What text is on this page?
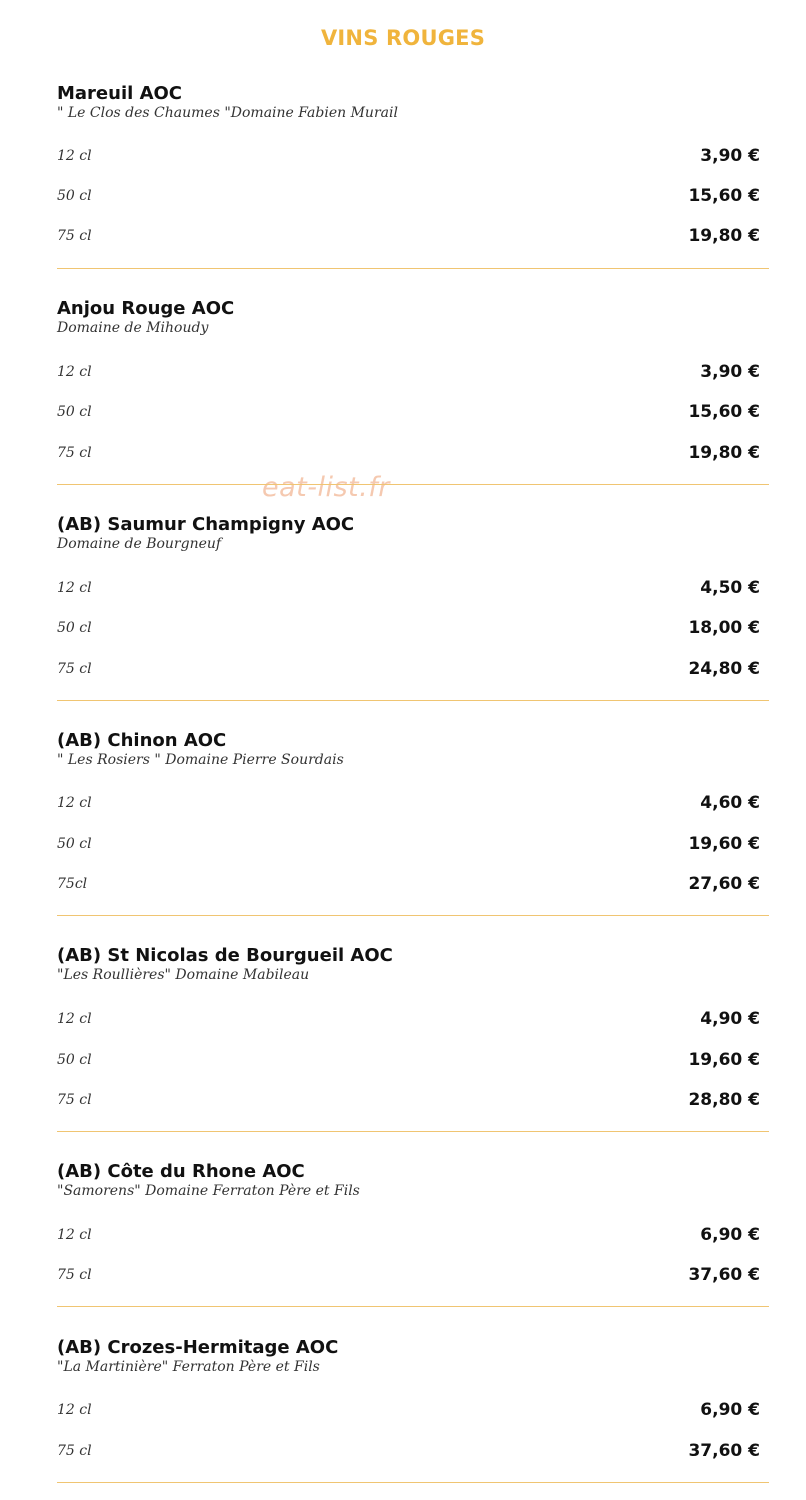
VINS ROUGES
eat-list.fr
Mareuil AOC
" Le Clos des Chaumes "Domaine Fabien Murail
12 cl	3,90 €
50 cl	15,60 €
75 cl	19,80 €
Anjou Rouge AOC
Domaine de Mihoudy
12 cl	3,90 €
50 cl	15,60 €
75 cl	19,80 €
(AB) Saumur Champigny AOC
Domaine de Bourgneuf
12 cl	4,50 €
50 cl	18,00 €
75 cl	24,80 €
(AB) Chinon AOC
" Les Rosiers " Domaine Pierre Sourdais
12 cl	4,60 €
50 cl	19,60 €
75cl	27,60 €
(AB) St Nicolas de Bourgueil AOC
"Les Roullières" Domaine Mabileau
12 cl	4,90 €
50 cl	19,60 €
75 cl	28,80 €
(AB) Côte du Rhone AOC
"Samorens" Domaine Ferraton Père et Fils
12 cl	6,90 €
75 cl	37,60 €
(AB) Crozes-Hermitage AOC
"La Martinière" Ferraton Père et Fils
12 cl	6,90 €
75 cl	37,60 €
